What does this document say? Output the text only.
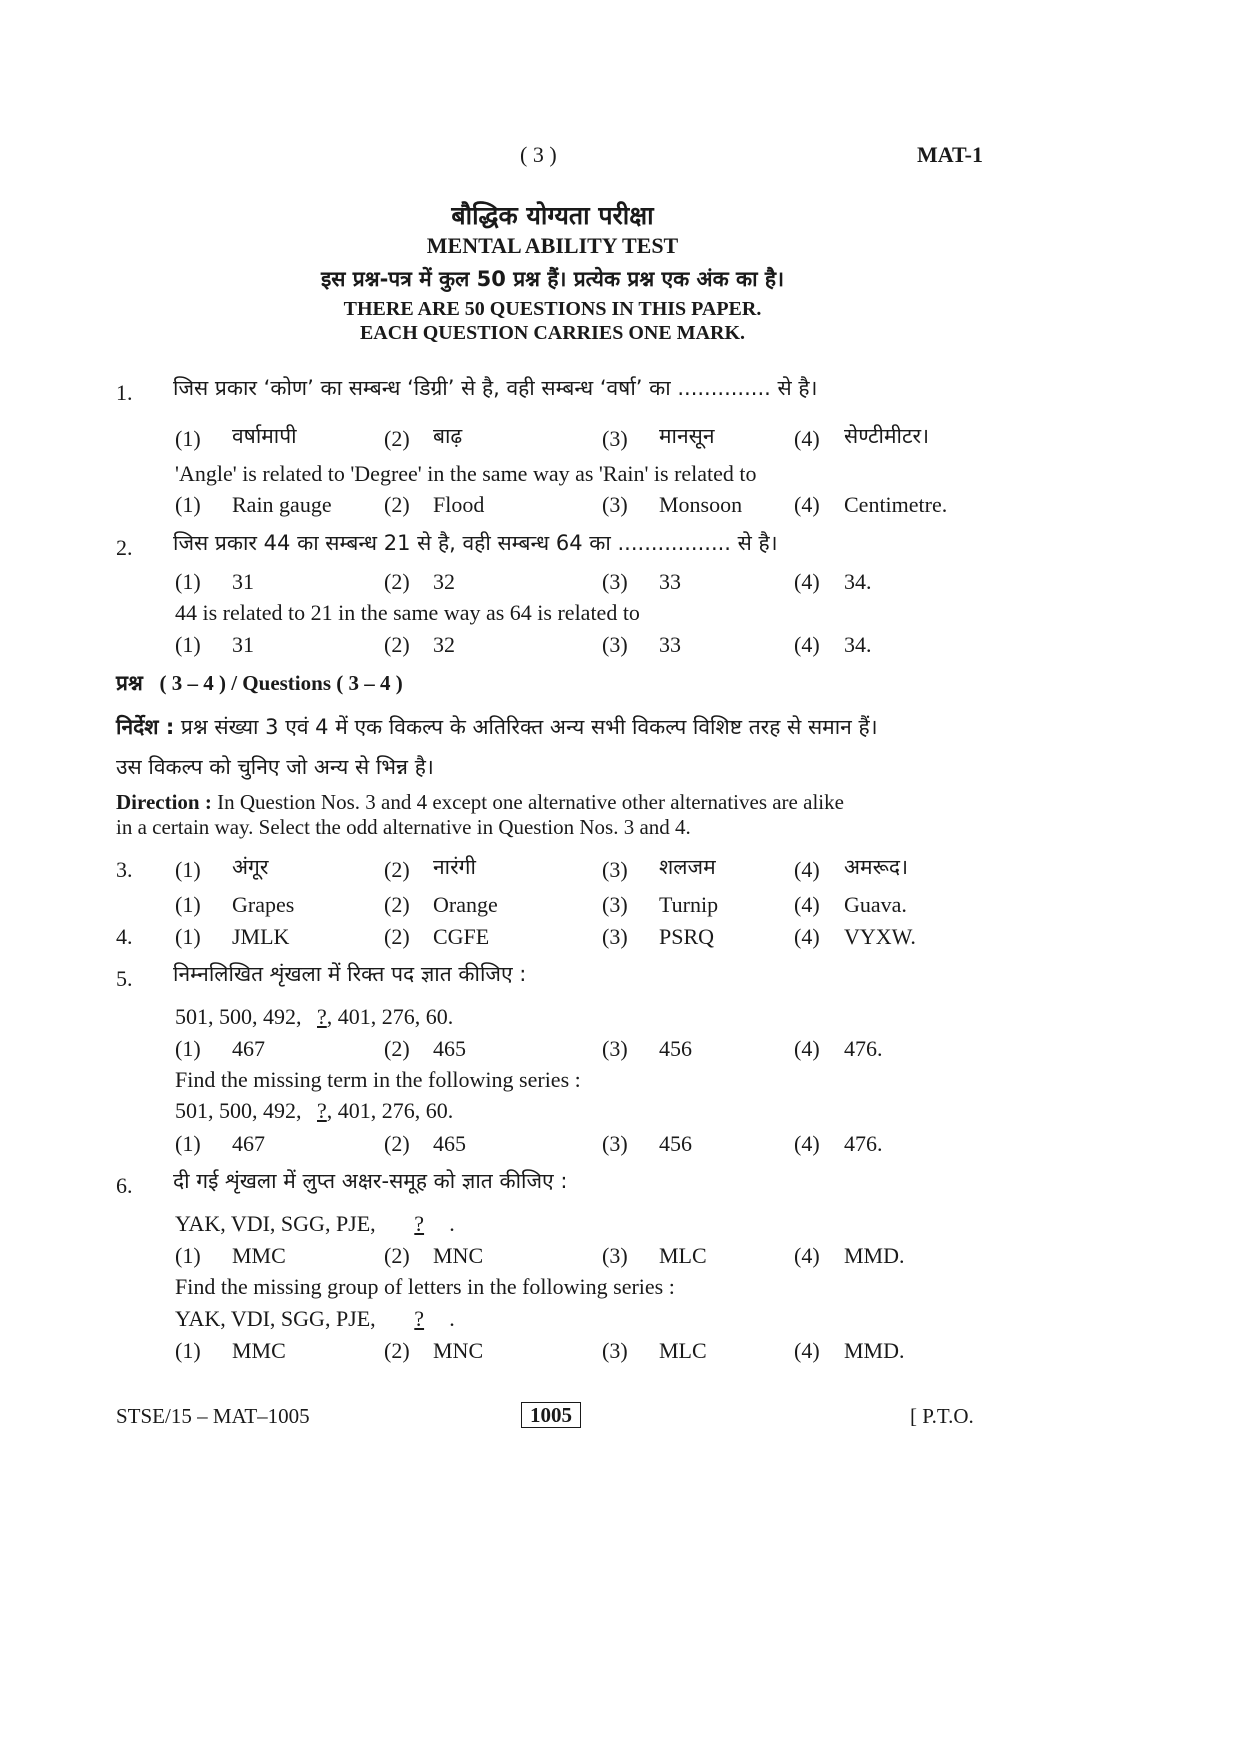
( 3 )	MAT-1
बौद्धिक योग्यता परीक्षा
MENTAL ABILITY TEST
इस प्रश्न-पत्र में कुल 50 प्रश्न हैं। प्रत्येक प्रश्न एक अंक का है।
THERE ARE 50 QUESTIONS IN THIS PAPER.
EACH QUESTION CARRIES ONE MARK.
1. जिस प्रकार ‘कोण’ का सम्बन्ध ‘डिग्री’ से है, वही सम्बन्ध ‘वर्षा’ का .............. से है।
(1) वर्षामापी	(2) बाढ़	(3) मानसून	(4) सेण्टीमीटर।
'Angle' is related to 'Degree' in the same way as 'Rain' is related to
(1) Rain gauge (2) Flood	(3) Monsoon (4) Centimetre.
2. जिस प्रकार 44 का सम्बन्ध 21 से है, वही सम्बन्ध 64 का ................. से है।
(1) 31	(2) 32	(3) 33	(4) 34.
44 is related to 21 in the same way as 64 is related to
(1) 31	(2) 32	(3) 33	(4) 34.
प्रश्न ( 3 – 4 ) / Questions ( 3 – 4 )
निर्देश : प्रश्न संख्या 3 एवं 4 में एक विकल्प के अतिरिक्त अन्य सभी विकल्प विशिष्ट तरह से समान हैं।
उस विकल्प को चुनिए जो अन्य से भिन्न है।
Direction : In Question Nos. 3 and 4 except one alternative other alternatives are alike
in a certain way. Select the odd alternative in Question Nos. 3 and 4.
3. (1) अंगूर	(2) नारंगी	(3) शलजम	(4) अमरूद।
(1) Grapes	(2) Orange	(3) Turnip	(4) Guava.
4. (1) JMLK	(2) CGFE	(3) PSRQ	(4) VYXW.
5. निम्नलिखित शृंखला में रिक्त पद ज्ञात कीजिए :
501, 500, 492, ?, 401, 276, 60.
(1) 467	(2) 465	(3) 456	(4) 476.
Find the missing term in the following series :
501, 500, 492, ?, 401, 276, 60.
(1) 467	(2) 465	(3) 456	(4) 476.
6. दी गई शृंखला में लुप्त अक्षर-समूह को ज्ञात कीजिए :
YAK, VDI, SGG, PJE, ? .
(1) MMC	(2) MNC	(3) MLC	(4) MMD.
Find the missing group of letters in the following series :
YAK, VDI, SGG, PJE, ? .
(1) MMC	(2) MNC	(3) MLC	(4) MMD.
STSE/15 – MAT–1005	1005	[ P.T.O.
